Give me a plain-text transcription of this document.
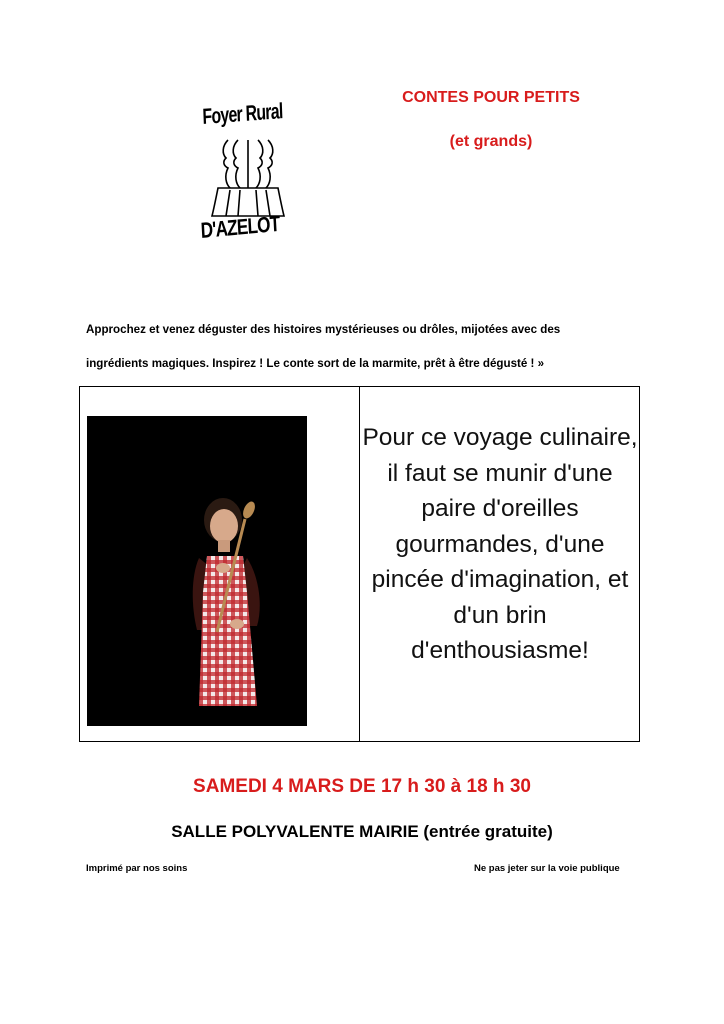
Foyer Rural
D'AZELOT
CONTES POUR PETITS
(et grands)
Approchez et venez déguster des histoires mystérieuses ou drôles, mijotées avec des
ingrédients magiques. Inspirez ! Le conte sort de la marmite, prêt à être dégusté ! »
Pour ce voyage culinaire, il faut se munir d'une paire d'oreilles gourmandes, d'une pincée d'imagination, et d'un brin d'enthousiasme!
SAMEDI 4 MARS DE 17 h 30 à 18 h 30
SALLE POLYVALENTE MAIRIE (entrée gratuite)
Imprimé par nos soins	Ne pas jeter sur la voie publique
